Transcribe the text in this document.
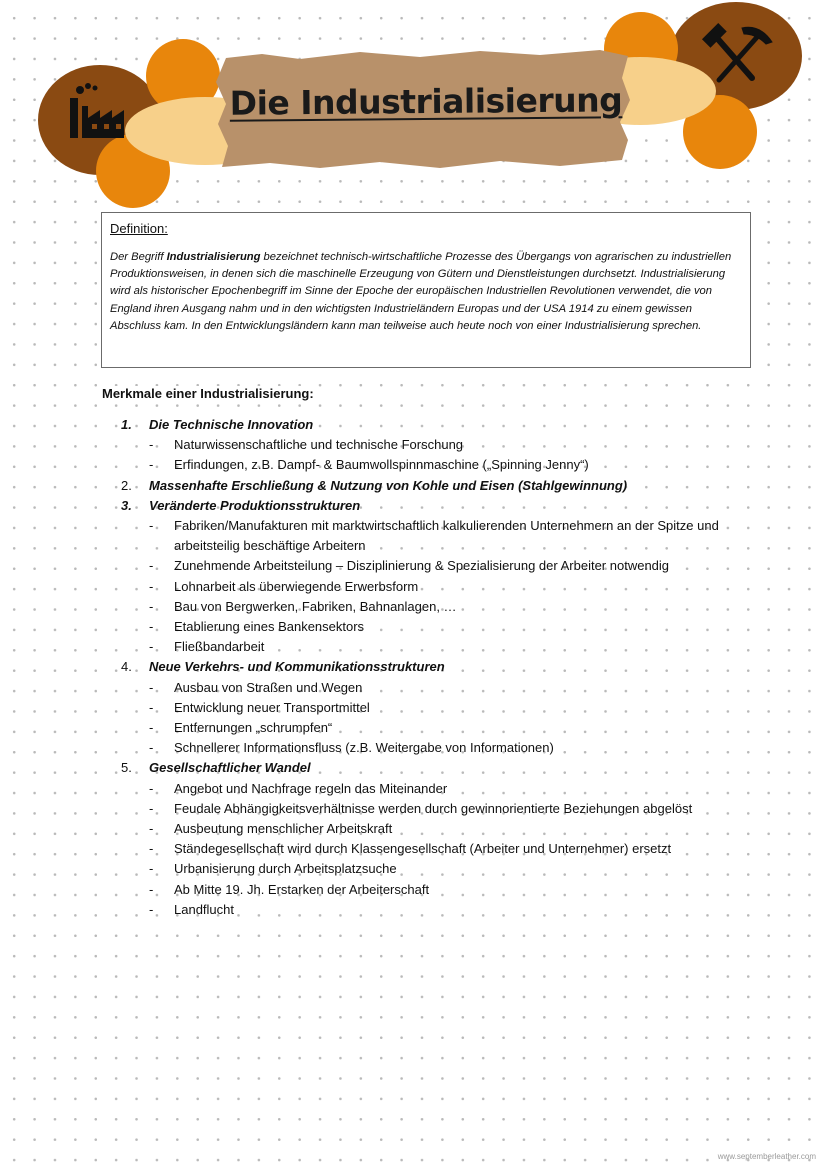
Die Industrialisierung
Definition:

Der Begriff Industrialisierung bezeichnet technisch-wirtschaftliche Prozesse des Übergangs von agrarischen zu industriellen Produktionsweisen, in denen sich die maschinelle Erzeugung von Gütern und Dienstleistungen durchsetzt. Industrialisierung wird als historischer Epochenbegriff im Sinne der Epoche der europäischen Industriellen Revolutionen verwendet, die von England ihren Ausgang nahm und in den wichtigsten Industrieländern Europas und der USA 1914 zu einem gewissen Abschluss kam. In den Entwicklungsländern kann man teilweise auch heute noch von einer Industrialisierung sprechen.

Merkmale einer Industrialisierung:
1. Die Technische Innovation
- Naturwissenschaftliche und technische Forschung
- Erfindungen, z.B. Dampf- & Baumwollspinnmaschine („Spinning Jenny“)
2. Massenhafte Erschließung & Nutzung von Kohle und Eisen (Stahlgewinnung)
3. Veränderte Produktionsstrukturen
- Fabriken/Manufakturen mit marktwirtschaftlich kalkulierenden Unternehmern an der Spitze und arbeitsteilig beschäftige Arbeitern
- Zunehmende Arbeitsteilung – Disziplinierung & Spezialisierung der Arbeiter notwendig
- Lohnarbeit als überwiegende Erwerbsform
- Bau von Bergwerken, Fabriken, Bahnanlagen, …
- Etablierung eines Bankensektors
- Fließbandarbeit
4. Neue Verkehrs- und Kommunikationsstrukturen
- Ausbau von Straßen und Wegen
- Entwicklung neuer Transportmittel
- Entfernungen „schrumpfen“
- Schnellerer Informationsfluss (z.B. Weitergabe von Informationen)
5. Gesellschaftlicher Wandel
- Angebot und Nachfrage regeln das Miteinander
- Feudale Abhängigkeitsverhältnisse werden durch gewinnorientierte Beziehungen abgelöst
- Ausbeutung menschlicher Arbeitskraft
- Ständegesellschaft wird durch Klassengesellschaft (Arbeiter und Unternehmer) ersetzt
- Urbanisierung durch Arbeitsplatzsuche
- Ab Mitte 19. Jh. Erstarken der Arbeiterschaft
- Landflucht
www.septemberleather.com
